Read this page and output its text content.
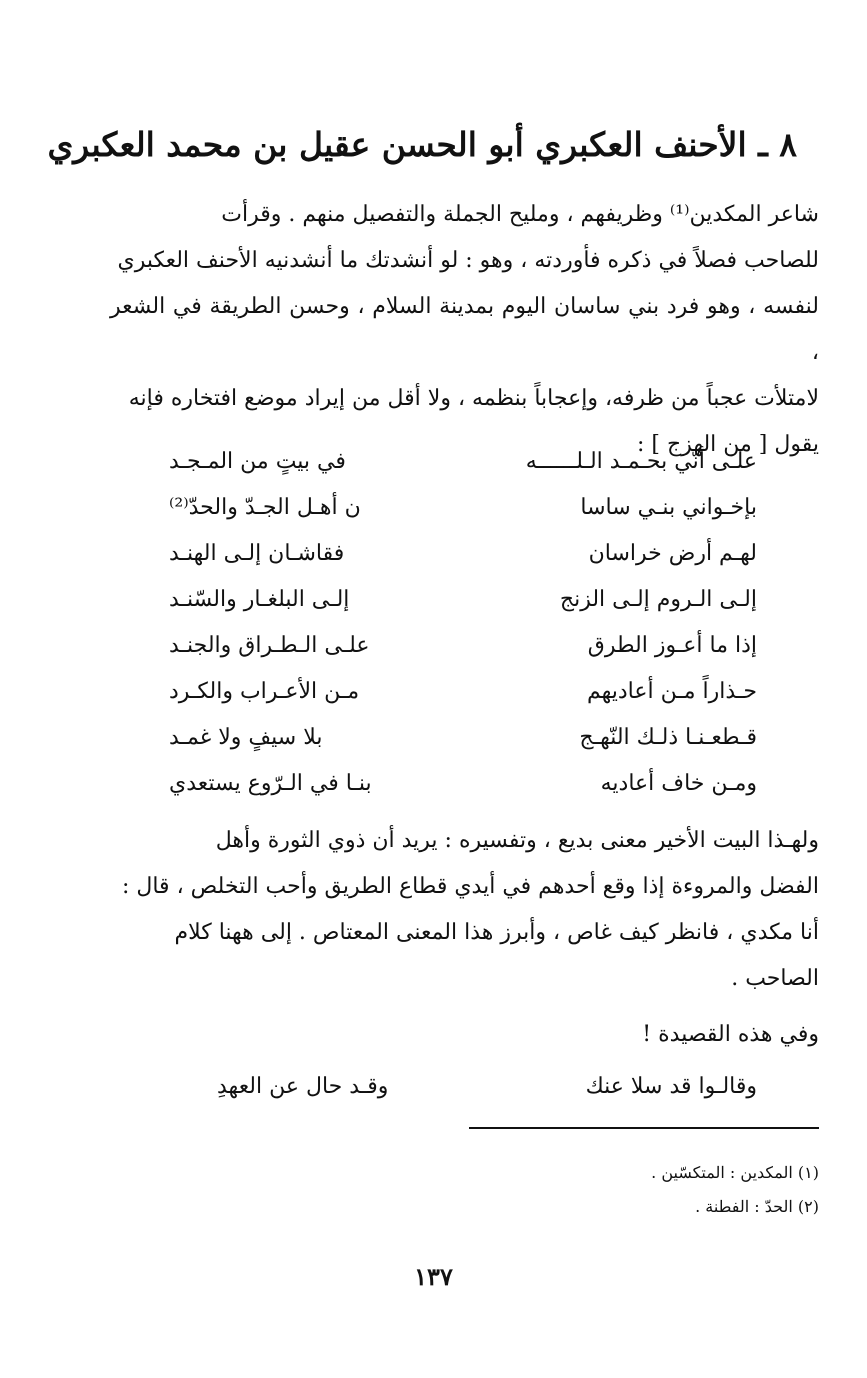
٨ ـ الأحنف العكبري أبو الحسن عقيل بن محمد العكبري

شاعر المكدين⁽¹⁾ وظريفهم ، ومليح الجملة والتفصيل منهم . وقرأت

للصاحب فصلاً في ذكره فأوردته ، وهو : لو أنشدتك ما أنشدنيه الأحنف العكبري

لنفسه ، وهو فرد بني ساسان اليوم بمدينة السلام ، وحسن الطريقة في الشعر ،

لامتلأت عجباً من ظرفه، وإعجاباً بنظمه ، ولا أقل من إيراد موضع افتخاره فإنه

يقول [ من الهزج ] :

علـى أنّي بحـمـد الـلــــــه
في بيتٍ من المـجـد
بإخـواني بنـي ساسا
ن أهـل الجـدّ والحدّ⁽²⁾
لهـم أرض خراسان
فقاشـان إلـى الهنـد
إلـى الـروم إلـى الزنج
إلـى البلغـار والسّنـد
إذا ما أعـوز الطرق
علـى الـطـراق والجنـد
حـذاراً مـن أعاديهم
مـن الأعـراب والكـرد
قـطعـنـا ذلـك النّهـج
بلا سيفٍ ولا غمـد
ومـن خاف أعاديه
بنـا في الـرّوع يستعدي

ولهـذا البيت الأخير معنى بديع ، وتفسيره : يريد أن ذوي الثورة وأهل

الفضل والمروءة إذا وقع أحدهم في أيدي قطاع الطريق وأحب التخلص ، قال :

أنا مكدي ، فانظر كيف غاص ، وأبرز هذا المعنى المعتاص . إلى ههنا كلام

الصاحب .

وفي هذه القصيدة !
وقالـوا قد سلا عنك
وقـد حال عن العهدِ
(١) المكدين : المتكسّين .
(٢) الحدّ : الفطنة .
١٣٧
